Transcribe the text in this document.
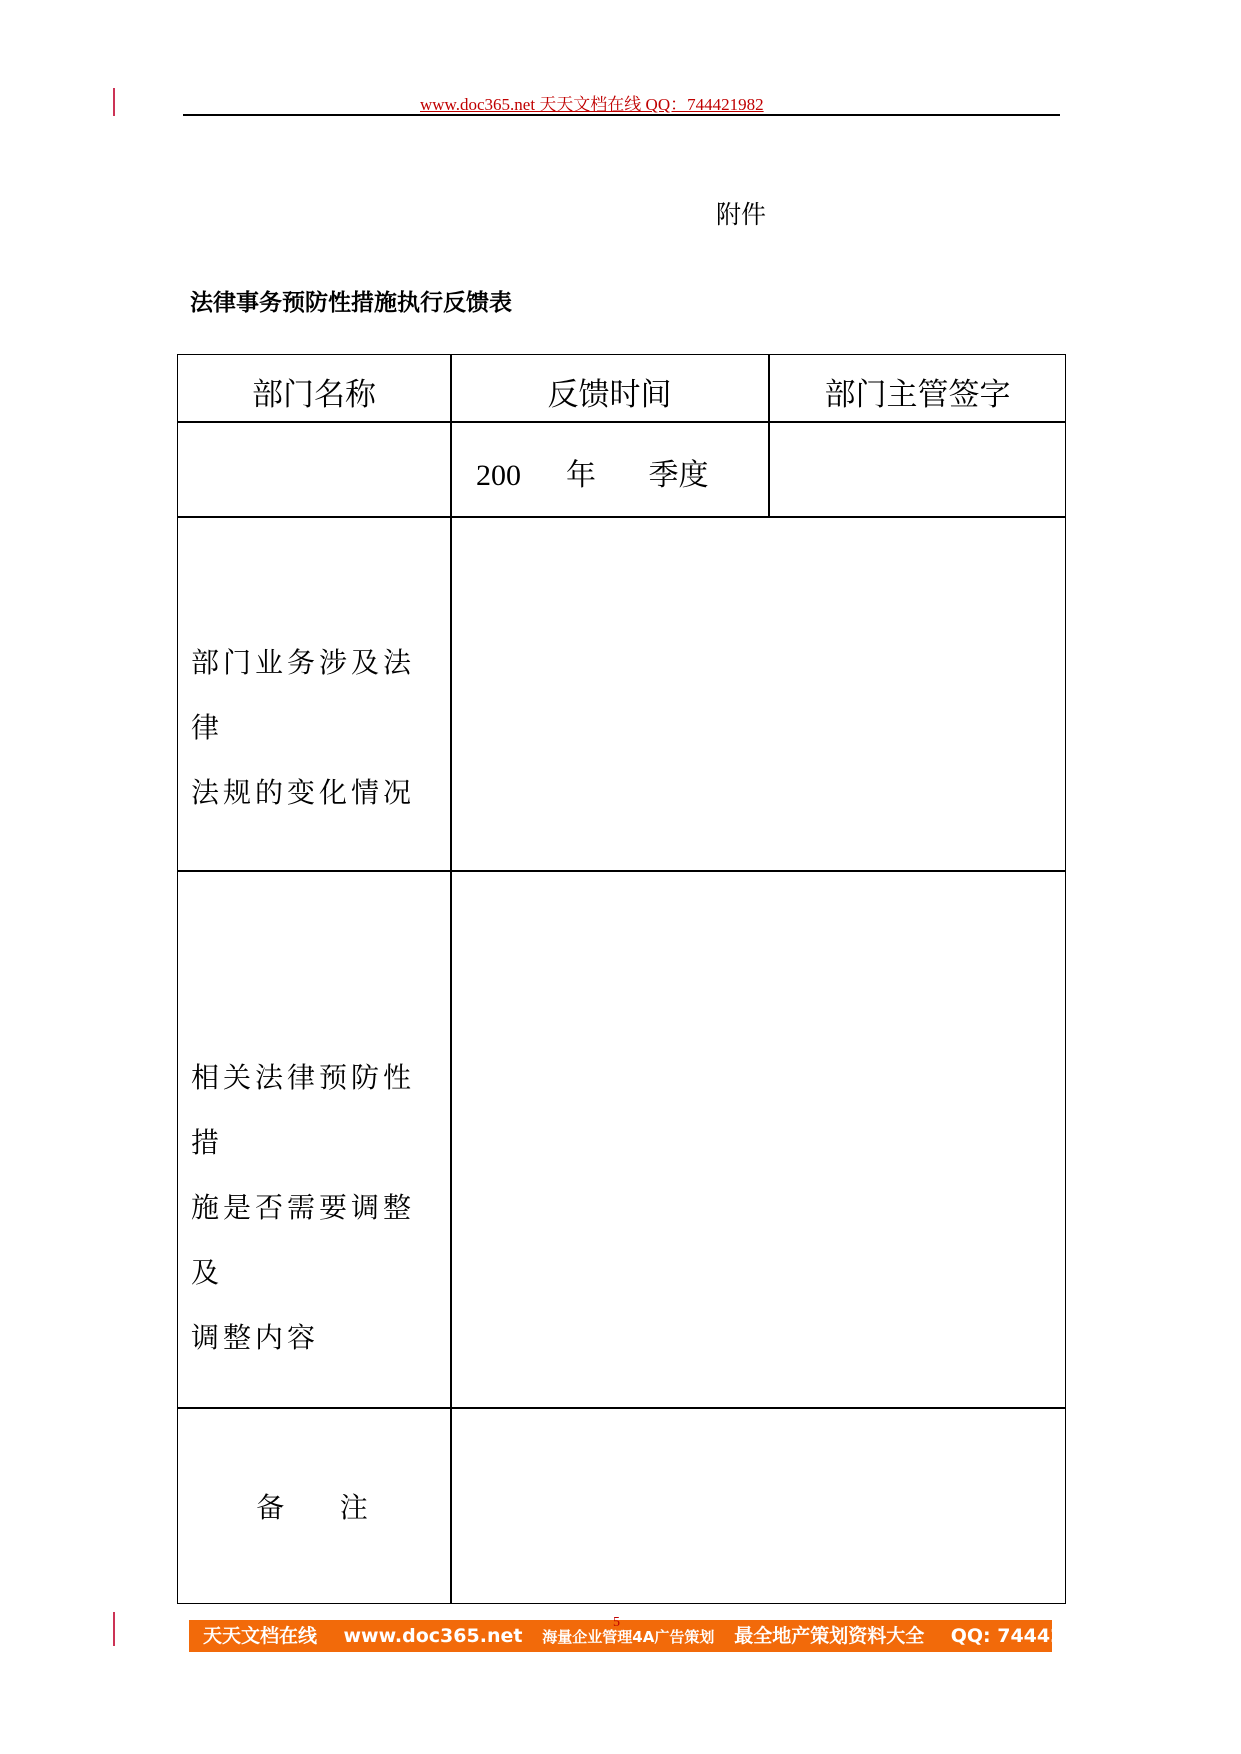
www.doc365.net 天天文档在线 QQ：744421982
附件
法律事务预防性措施执行反馈表
部门名称	反馈时间	部门主管签字
200      年       季度
部门业务涉及法律
法规的变化情况
相关法律预防性措
施是否需要调整及
调整内容
备    注
天天文档在线 www.doc365.net 海量企业管理4A广告策划 最全地产策划资料大全 QQ: 744421982
5
